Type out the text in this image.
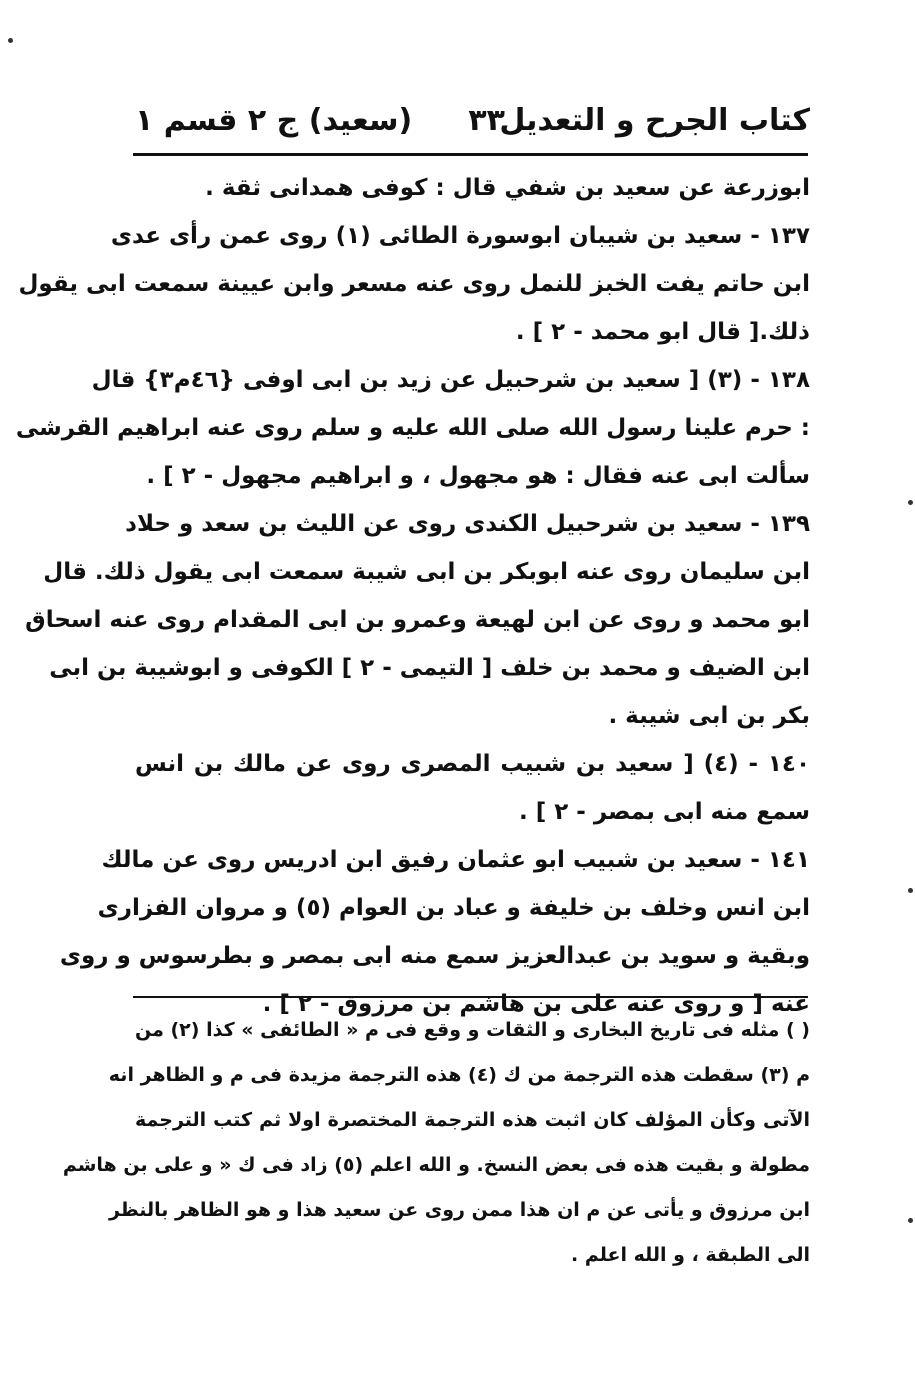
كتاب الجرح و التعديل
٣٣
(سعيد) ج ٢ قسم ١
ابوزرعة عن سعيد بن شفي قال : كوفى همدانى ثقة .
١٣٧ - سعيد بن شيبان ابوسورة الطائى (١) روى عمن رأى عدى
ابن حاتم يفت الخبز للنمل روى عنه مسعر وابن عيينة سمعت ابى يقول
ذلك.[ قال ابو محمد - ٢ ] .
١٣٨ - (٣) [ سعيد بن شرحبيل عن زيد بن ابى اوفى {٤٦م٣} قال
: حرم علينا رسول الله صلى الله عليه و سلم روى عنه ابراهيم القرشى
سألت ابى عنه فقال : هو مجهول ، و ابراهيم مجهول - ٢ ] .
١٣٩ - سعيد بن شرحبيل الكندى روى عن الليث بن سعد و حلاد
ابن سليمان روى عنه ابوبكر بن ابى شيبة سمعت ابى يقول ذلك. قال
ابو محمد و روى عن ابن لهيعة وعمرو بن ابى المقدام روى عنه اسحاق
ابن الضيف و محمد بن خلف [ التيمى - ٢ ] الكوفى و ابوشيبة بن ابى
بكر بن ابى شيبة .
١٤٠ - (٤) [ سعيد بن شبيب المصرى روى عن مالك بن انس
سمع منه ابى بمصر - ٢ ] .
١٤١ - سعيد بن شبيب ابو عثمان رفيق ابن ادريس روى عن مالك
ابن انس وخلف بن خليفة و عباد بن العوام (٥) و مروان الفزارى
وبقية و سويد بن عبدالعزيز سمع منه ابى بمصر و بطرسوس و روى
عنه [ و روى عنه على بن هاشم بن مرزوق - ٢ ] .
( ) مثله فى تاريخ البخارى و الثقات و وقع فى م « الطائفى » كذا (٢) من
م (٣) سقطت هذه الترجمة من ك (٤) هذه الترجمة مزيدة فى م و الظاهر انه
الآتى وكأن المؤلف كان اثبت هذه الترجمة المختصرة اولا ثم كتب الترجمة
مطولة و بقيت هذه فى بعض النسخ. و الله اعلم (٥) زاد فى ك « و على بن هاشم
ابن مرزوق و يأتى عن م ان هذا ممن روى عن سعيد هذا و هو الظاهر بالنظر
الى الطبقة ، و الله اعلم .
